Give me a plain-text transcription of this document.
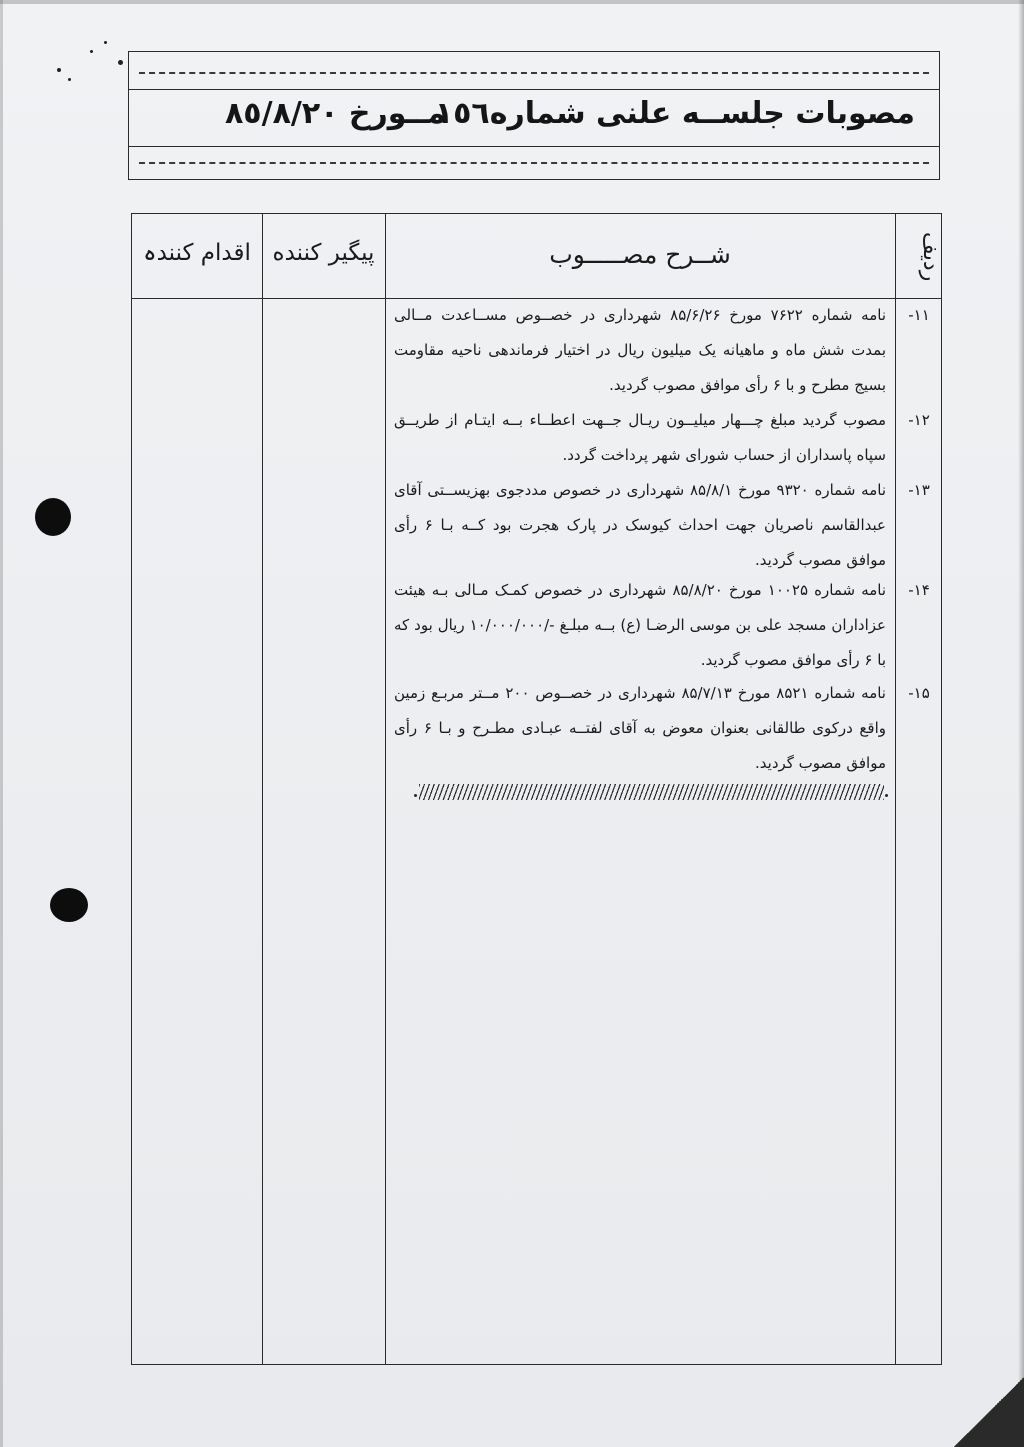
مصوبات جلســه علنی شماره۱٥٦
مــورخ ۸٥/۸/۲۰
اقدام کنندہ پیگیر کننده	شــرح مصـــــوب	ردیف
-۱۱
نامه شماره ۷۶۲۲ مورخ ۸۵/۶/۲۶ شهرداری در خصــوص مســاعدت مــالی بمدت شش ماه و ماهیانه یک میلیون ریال در اختیار فرماندهی ناحیه مقاومت بسیج مطرح و با ۶ رأی موافق مصوب گردید.
-۱۲
مصوب گردید مبلغ چـــهار میلیــون ریـال جــهت اعطــاء بــه ایتـام از طریــق سپاه پاسداران از حساب شورای شهر پرداخت گردد.
-۱۳
نامه شماره ۹۳۲۰ مورخ ۸۵/۸/۱ شهرداری در خصوص مددجوی بهزیســتی آقای عبدالقاسم ناصریان جهت احداث کیوسک در پارک هجرت بود کــه بـا ۶ رأی موافق مصوب گردید.
-۱۴
نامه شماره ۱۰۰۲۵ مورخ ۸۵/۸/۲۰ شهرداری در خصوص کمـک مـالی بـه هیئت عزاداران مسجد علی بن موسی الرضـا (ع) بــه مبلـغ -/۱۰/۰۰۰/۰۰۰ ریال بود که با ۶ رأی موافق مصوب گردید.
-۱۵
نامه شماره ۸۵۲۱ مورخ ۸۵/۷/۱۳ شهرداری در خصــوص ۲۰۰ مــتر مربـع زمین واقع درکوی طالقانی بعنوان معوض به آقای لفتــه عبـادی مطـرح و بـا ۶ رأی موافق مصوب گردید.
